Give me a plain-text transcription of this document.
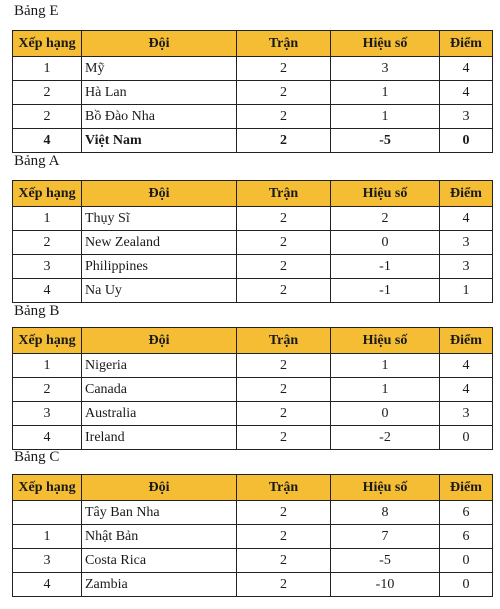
Bảng E
Xếp hạng	Đội	Trận	Hiệu số	Điểm
1	Mỹ	2	3	4
2	Hà Lan	2	1	4
2	Bồ Đào Nha	2	1	3
4	Việt Nam	2	-5	0
Bảng A
Xếp hạng	Đội	Trận	Hiệu số	Điểm
1	Thụy Sĩ	2	2	4
2	New Zealand	2	0	3
3	Philippines	2	-1	3
4	Na Uy	2	-1	1
Bảng B
Xếp hạng	Đội	Trận	Hiệu số	Điểm
1	Nigeria	2	1	4
2	Canada	2	1	4
3	Australia	2	0	3
4	Ireland	2	-2	0
Bảng C
Xếp hạng	Đội	Trận	Hiệu số	Điểm
	Tây Ban Nha	2	8	6
1	Nhật Bản	2	7	6
3	Costa Rica	2	-5	0
4	Zambia	2	-10	0
